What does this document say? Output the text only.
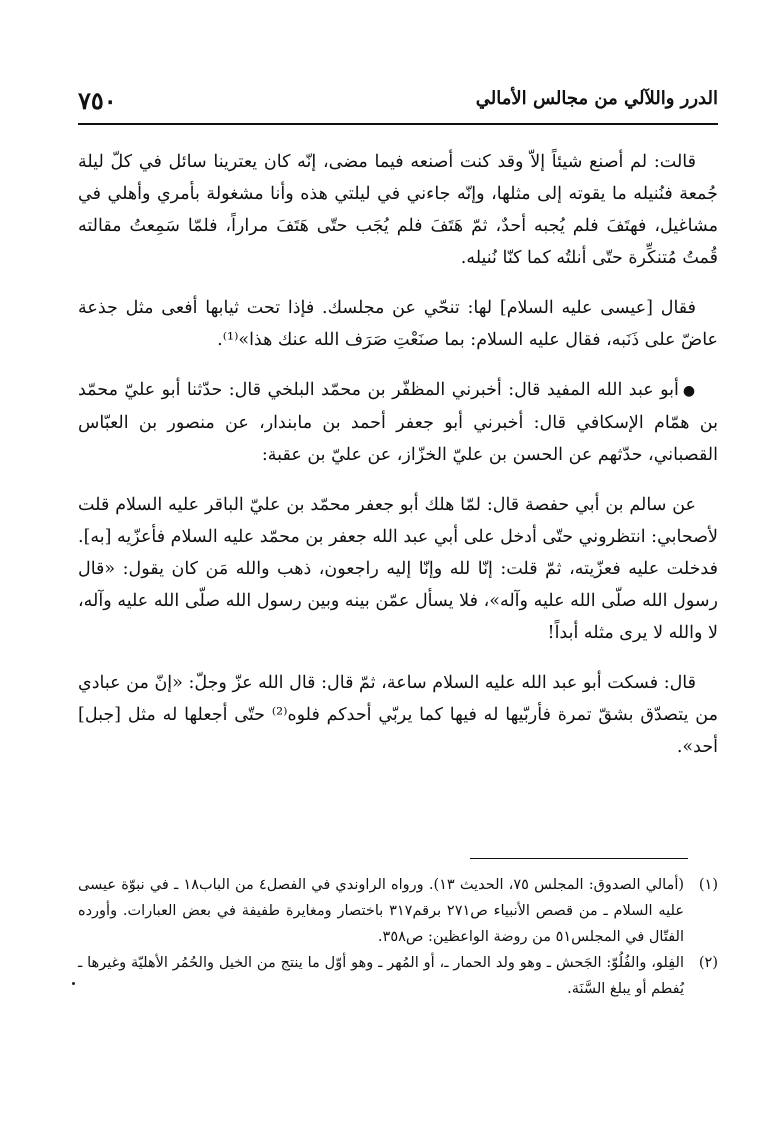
الدرر واللآلي من مجالس الأمالي
٧٥٠

قالت: لم أصنع شيئاً إلاّ وقد كنت أصنعه فيما مضى، إنّه كان يعترينا سائل في كلّ ليلة جُمعة فنُنيله ما يقوته إلى مثلها، وإنّه جاءني في ليلتي هذه وأنا مشغولة بأمري وأهلي في مشاغيل، فهتَفَ فلم يُجبه أحدٌ، ثمّ هَتَفَ فلم يُجَب حتّى هَتَفَ مراراً، فلمّا سَمِعتُ مقالته قُمتُ مُتنكِّرة حتّى أنلتُه كما كنّا نُنيله.

فقال [عيسى عليه السلام] لها: تنحّي عن مجلسك. فإذا تحت ثيابها أفعى مثل جذعة عاضّ على ذَنَبه، فقال عليه السلام: بما صنَعْتِ صَرَف الله عنك هذا»⁽¹⁾.

●أبو عبد الله المفيد قال: أخبرني المظفّر بن محمّد البلخي قال: حدّثنا أبو عليّ محمّد بن همّام الإسكافي قال: أخبرني أبو جعفر أحمد بن مابندار، عن منصور بن العبّاس القصباني، حدّثهم عن الحسن بن عليّ الخزّاز، عن عليّ بن عقبة:

عن سالم بن أبي حفصة قال: لمّا هلك أبو جعفر محمّد بن عليّ الباقر عليه السلام قلت لأصحابي: انتظروني حتّى أدخل على أبي عبد الله جعفر بن محمّد عليه السلام فأعزّيه [به]. فدخلت عليه فعزّيته، ثمّ قلت: إنّا لله وإنّا إليه راجعون، ذهب والله مَن كان يقول: «قال رسول الله صلّى الله عليه وآله»، فلا يسأل عمّن بينه وبين رسول الله صلّى الله عليه وآله، لا والله لا يرى مثله أبداً!

قال: فسكت أبو عبد الله عليه السلام ساعة، ثمّ قال: قال الله عزّ وجلّ: «إنّ من عبادي من يتصدّق بشقّ تمرة فأربّيها له فيها كما يربّي أحدكم فلوه⁽²⁾ حتّى أجعلها له مثل [جبل] أحد».

(١)
(أمالي الصدوق: المجلس ٧٥، الحديث ١٣). ورواه الراوندي في الفصل٤ من الباب١٨ ـ في نبوّة عيسى عليه السلام ـ من قصص الأنبياء ص٢٧١ برقم٣١٧ باختصار ومغايرة طفيفة في بعض العبارات. وأورده الفتّال في المجلس٥١ من روضة الواعظين: ص٣٥٨.
(٢)
الفِلو، والفُلُوّ: الجَحش ـ وهو ولد الحمار ـ، أو المُهر ـ وهو أوّل ما ينتج من الخيل والحُمُر الأهليّة وغيرها ـ يُفطم أو يبلغ السَّنَة.
